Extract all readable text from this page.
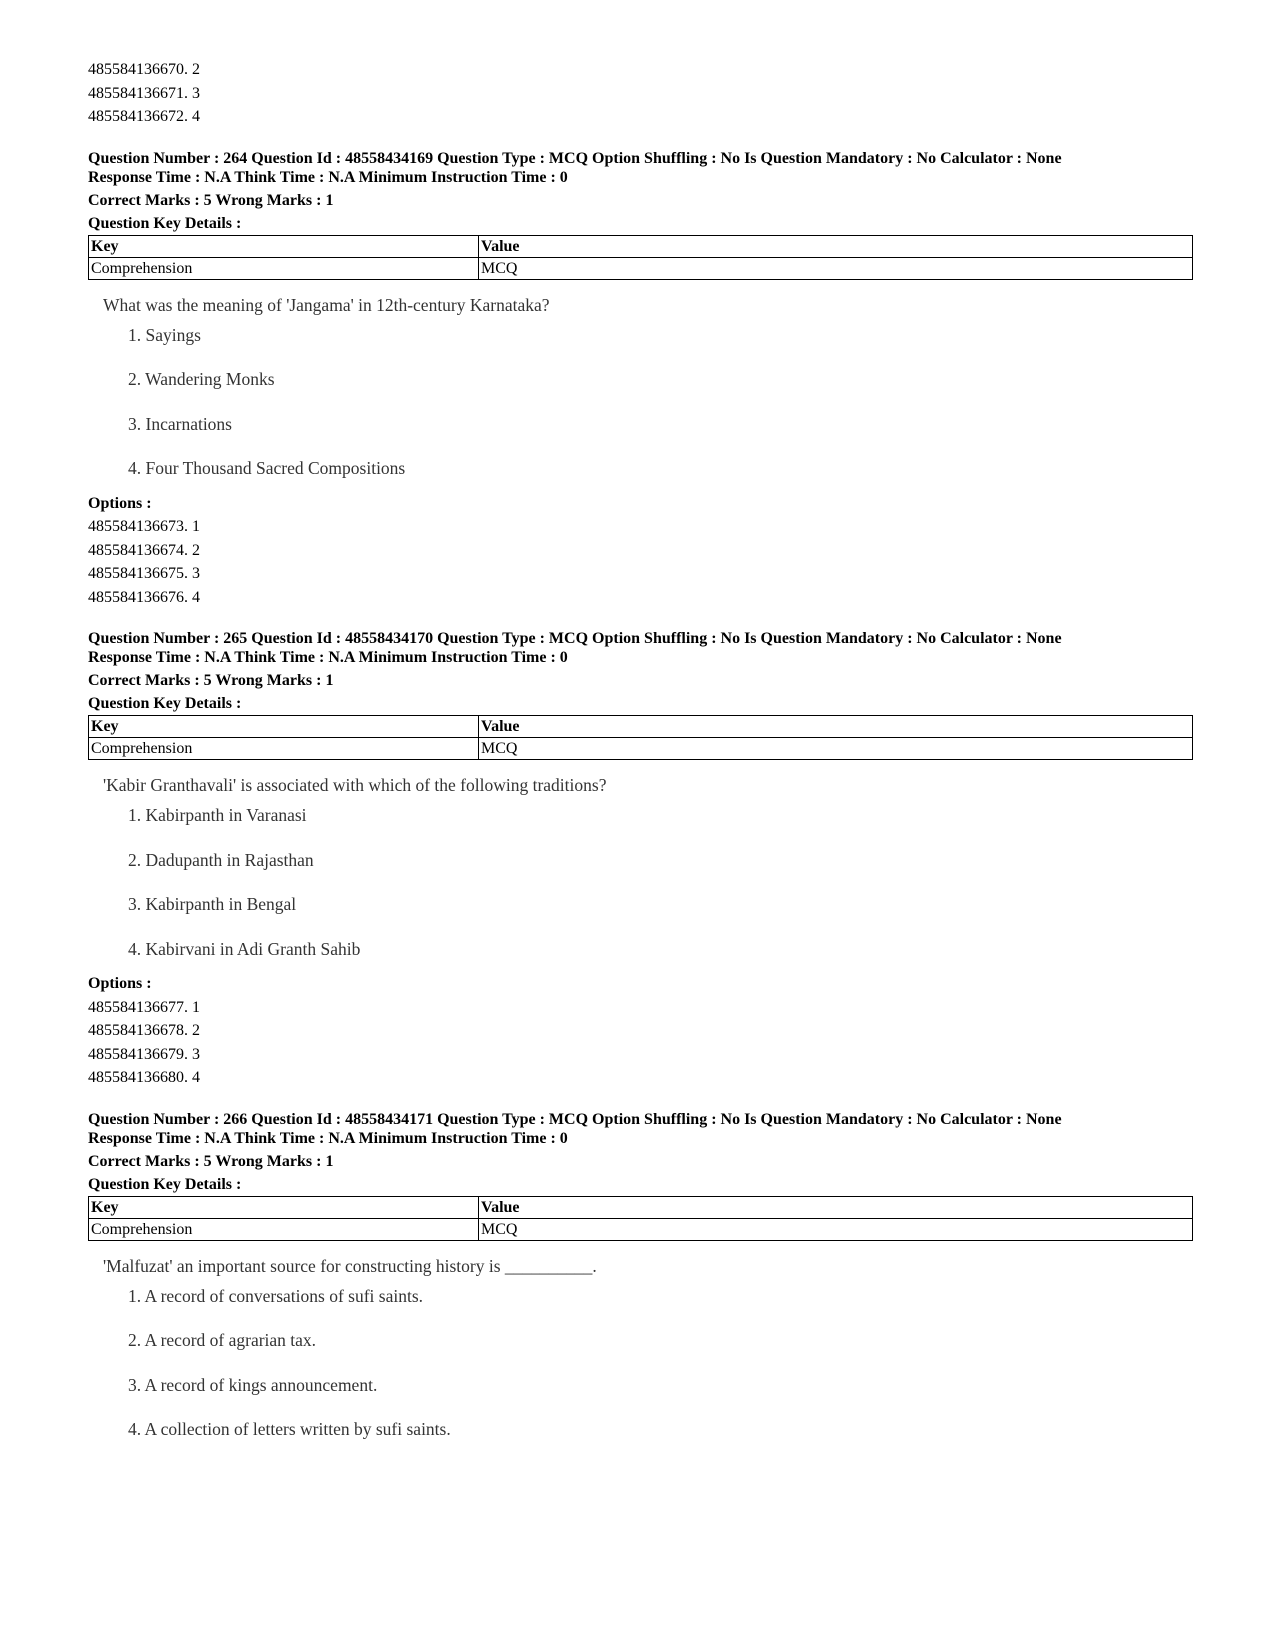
485584136670. 2
485584136671. 3
485584136672. 4
Question Number : 264 Question Id : 48558434169 Question Type : MCQ Option Shuffling : No Is Question Mandatory : No Calculator : None
Response Time : N.A Think Time : N.A Minimum Instruction Time : 0
Correct Marks : 5 Wrong Marks : 1
Question Key Details :
Key	Value
Comprehension	MCQ
What was the meaning of 'Jangama' in 12th-century Karnataka?
1. Sayings
2. Wandering Monks
3. Incarnations
4. Four Thousand Sacred Compositions
Options :
485584136673. 1
485584136674. 2
485584136675. 3
485584136676. 4
Question Number : 265 Question Id : 48558434170 Question Type : MCQ Option Shuffling : No Is Question Mandatory : No Calculator : None
Response Time : N.A Think Time : N.A Minimum Instruction Time : 0
Correct Marks : 5 Wrong Marks : 1
Question Key Details :
Key	Value
Comprehension	MCQ
'Kabir Granthavali' is associated with which of the following traditions?
1. Kabirpanth in Varanasi
2. Dadupanth in Rajasthan
3. Kabirpanth in Bengal
4. Kabirvani in Adi Granth Sahib
Options :
485584136677. 1
485584136678. 2
485584136679. 3
485584136680. 4
Question Number : 266 Question Id : 48558434171 Question Type : MCQ Option Shuffling : No Is Question Mandatory : No Calculator : None
Response Time : N.A Think Time : N.A Minimum Instruction Time : 0
Correct Marks : 5 Wrong Marks : 1
Question Key Details :
Key	Value
Comprehension	MCQ
'Malfuzat' an important source for constructing history is __________.
1. A record of conversations of sufi saints.
2. A record of agrarian tax.
3. A record of kings announcement.
4. A collection of letters written by sufi saints.
